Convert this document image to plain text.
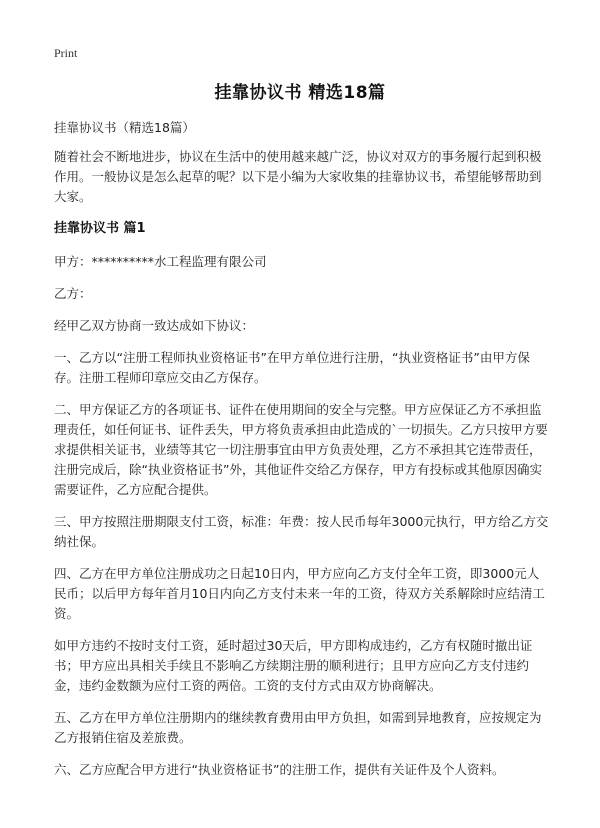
Print
挂靠协议书 精选18篇
挂靠协议书（精选18篇）
随着社会不断地进步，协议在生活中的使用越来越广泛，协议对双方的事务履行起到积极作用。一般协议是怎么起草的呢？以下是小编为大家收集的挂靠协议书，希望能够帮助到大家。
挂靠协议书 篇1
甲方：**********水工程监理有限公司
乙方：
经甲乙双方协商一致达成如下协议：
一、乙方以“注册工程师执业资格证书”在甲方单位进行注册，“执业资格证书”由甲方保存。注册工程师印章应交由乙方保存。
二、甲方保证乙方的各项证书、证件在使用期间的安全与完整。甲方应保证乙方不承担监理责任，如任何证书、证件丢失，甲方将负责承担由此造成的`一切损失。乙方只按甲方要求提供相关证书，业绩等其它一切注册事宜由甲方负责处理，乙方不承担其它连带责任，注册完成后，除“执业资格证书”外，其他证件交给乙方保存，甲方有投标或其他原因确实需要证件，乙方应配合提供。
三、甲方按照注册期限支付工资，标准：年费：按人民币每年3000元执行，甲方给乙方交纳社保。
四、乙方在甲方单位注册成功之日起10日内，甲方应向乙方支付全年工资，即3000元人民币；以后甲方每年首月10日内向乙方支付未来一年的工资，待双方关系解除时应结清工资。
如甲方违约不按时支付工资，延时超过30天后，甲方即构成违约，乙方有权随时撤出证书；甲方应出具相关手续且不影响乙方续期注册的顺利进行；且甲方应向乙方支付违约金，违约金数额为应付工资的两倍。工资的支付方式由双方协商解决。
五、乙方在甲方单位注册期内的继续教育费用由甲方负担，如需到异地教育，应按规定为乙方报销住宿及差旅费。
六、乙方应配合甲方进行“执业资格证书”的注册工作，提供有关证件及个人资料。
